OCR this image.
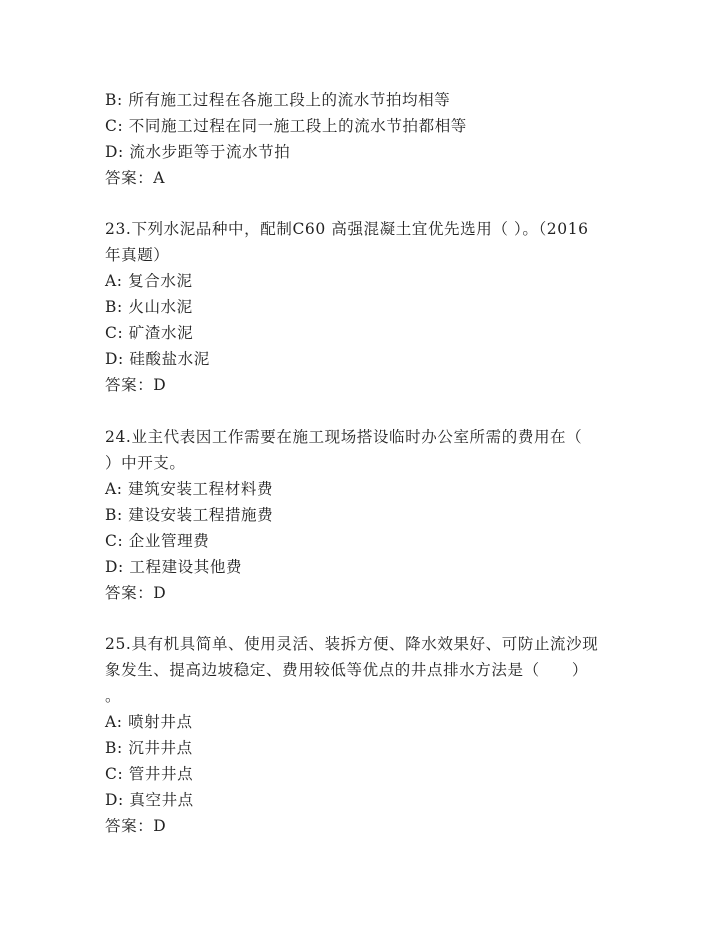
B: 所有施工过程在各施工段上的流水节拍均相等
C: 不同施工过程在同一施工段上的流水节拍都相等
D: 流水步距等于流水节拍
答案：A
23.下列水泥品种中，配制C60 高强混凝土宜优先选用（ ）。（2016
年真题）
A: 复合水泥
B: 火山水泥
C: 矿渣水泥
D: 硅酸盐水泥
答案：D
24.业主代表因工作需要在施工现场搭设临时办公室所需的费用在（
）中开支。
A: 建筑安装工程材料费
B: 建设安装工程措施费
C: 企业管理费
D: 工程建设其他费
答案：D
25.具有机具简单、使用灵活、装拆方便、降水效果好、可防止流沙现
象发生、提高边坡稳定、费用较低等优点的井点排水方法是（　　）
。
A: 喷射井点
B: 沉井井点
C: 管井井点
D: 真空井点
答案：D
